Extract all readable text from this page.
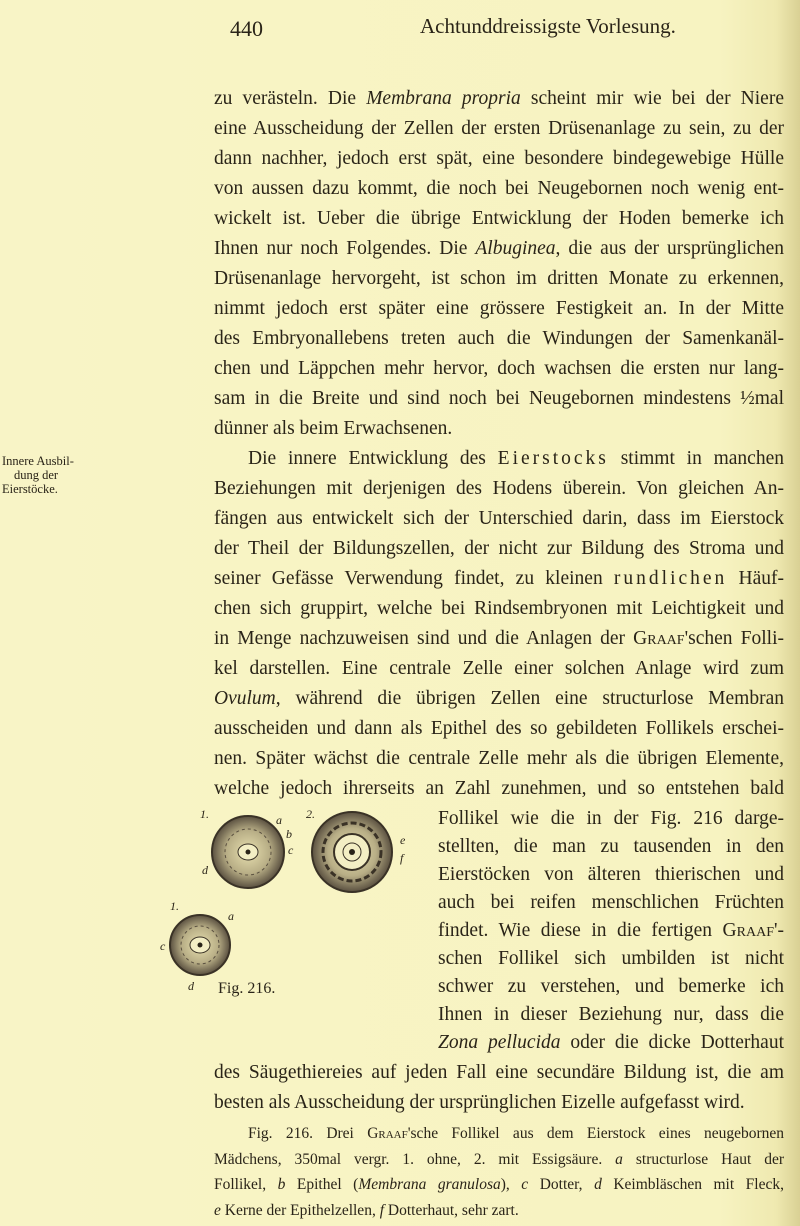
440	Achtunddreissigste Vorlesung.
Innere Ausbil-
dung der
Eierstöcke.
zu verästeln. Die Membrana propria scheint mir wie bei der Niere
eine Ausscheidung der Zellen der ersten Drüsenanlage zu sein, zu der
dann nachher, jedoch erst spät, eine besondere bindegewebige Hülle
von aussen dazu kommt, die noch bei Neugebornen noch wenig ent-
wickelt ist. Ueber die übrige Entwicklung der Hoden bemerke ich
Ihnen nur noch Folgendes. Die Albuginea, die aus der ursprünglichen
Drüsenanlage hervorgeht, ist schon im dritten Monate zu erkennen,
nimmt jedoch erst später eine grössere Festigkeit an. In der Mitte
des Embryonallebens treten auch die Windungen der Samenkanäl-
chen und Läppchen mehr hervor, doch wachsen die ersten nur lang-
sam in die Breite und sind noch bei Neugebornen mindestens ½mal
dünner als beim Erwachsenen.
Die innere Entwicklung des Eierstocks stimmt in manchen
Beziehungen mit derjenigen des Hodens überein. Von gleichen An-
fängen aus entwickelt sich der Unterschied darin, dass im Eierstock
der Theil der Bildungszellen, der nicht zur Bildung des Stroma und
seiner Gefässe Verwendung findet, zu kleinen rundlichen Häuf-
chen sich gruppirt, welche bei Rindsembryonen mit Leichtigkeit und
in Menge nachzuweisen sind und die Anlagen der Graaf'schen Folli-
kel darstellen. Eine centrale Zelle einer solchen Anlage wird zum
Ovulum, während die übrigen Zellen eine structurlose Membran
ausscheiden und dann als Epithel des so gebildeten Follikels erschei-
nen. Später wächst die centrale Zelle mehr als die übrigen Elemente,
welche jedoch ihrerseits an Zahl zunehmen, und so entstehen bald
Follikel wie die in der Fig. 216 darge-
stellten, die man zu tausenden in den
Eierstöcken von älteren thierischen und
auch bei reifen menschlichen Früchten
findet. Wie diese in die fertigen Graaf'-
schen Follikel sich umbilden ist nicht
schwer zu verstehen, und bemerke ich
Ihnen in dieser Beziehung nur, dass die
Zona pellucida oder die dicke Dotterhaut
des Säugethiereies auf jeden Fall eine secundäre Bildung ist, die am
besten als Ausscheidung der ursprünglichen Eizelle aufgefasst wird.
Fig. 216. Drei Graaf'sche Follikel aus dem Eierstock eines neugebornen
Mädchens, 350mal vergr. 1. ohne, 2. mit Essigsäure. a structurlose Haut der
Follikel, b Epithel (Membrana granulosa), c Dotter, d Keimbläschen mit Fleck,
e Kerne der Epithelzellen, f Dotterhaut, sehr zart.
1.	2.
1.
a
b
c
d
e
f
a
c
d Fig. 216.
